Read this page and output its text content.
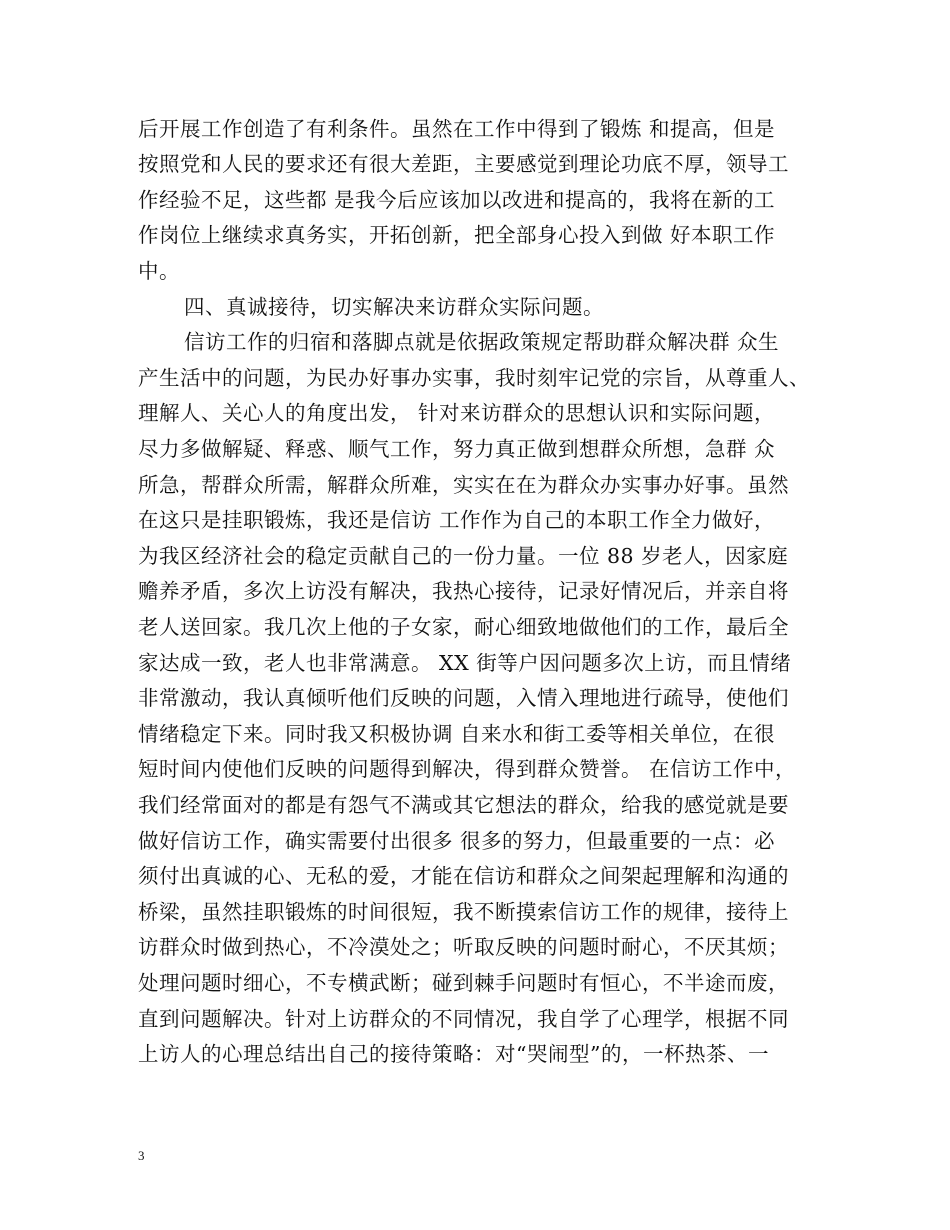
后开展工作创造了有利条件。虽然在工作中得到了锻炼 和提高，但是
按照党和人民的要求还有很大差距，主要感觉到理论功底不厚，领导工
作经验不足，这些都 是我今后应该加以改进和提高的，我将在新的工
作岗位上继续求真务实，开拓创新，把全部身心投入到做 好本职工作
中。
四、真诚接待，切实解决来访群众实际问题。
信访工作的归宿和落脚点就是依据政策规定帮助群众解决群 众生
产生活中的问题，为民办好事办实事，我时刻牢记党的宗旨，从尊重人、
理解人、关心人的角度出发， 针对来访群众的思想认识和实际问题，
尽力多做解疑、释惑、顺气工作，努力真正做到想群众所想，急群 众
所急，帮群众所需，解群众所难，实实在在为群众办实事办好事。虽然
在这只是挂职锻炼，我还是信访 工作作为自己的本职工作全力做好，
为我区经济社会的稳定贡献自己的一份力量。一位 88 岁老人，因家庭
赡养矛盾，多次上访没有解决，我热心接待，记录好情况后，并亲自将
老人送回家。我几次上他的子女家，耐心细致地做他们的工作，最后全
家达成一致，老人也非常满意。 XX 街等户因问题多次上访，而且情绪
非常激动，我认真倾听他们反映的问题，入情入理地进行疏导，使他们
情绪稳定下来。同时我又积极协调 自来水和街工委等相关单位，在很
短时间内使他们反映的问题得到解决，得到群众赞誉。 在信访工作中，
我们经常面对的都是有怨气不满或其它想法的群众，给我的感觉就是要
做好信访工作，确实需要付出很多 很多的努力，但最重要的一点：必
须付出真诚的心、无私的爱，才能在信访和群众之间架起理解和沟通的
桥梁，虽然挂职锻炼的时间很短，我不断摸索信访工作的规律，接待上
访群众时做到热心，不冷漠处之；听取反映的问题时耐心，不厌其烦；
处理问题时细心，不专横武断；碰到棘手问题时有恒心，不半途而废，
直到问题解决。针对上访群众的不同情况，我自学了心理学，根据不同
上访人的心理总结出自己的接待策略：对“哭闹型”的，一杯热茶、一
3
